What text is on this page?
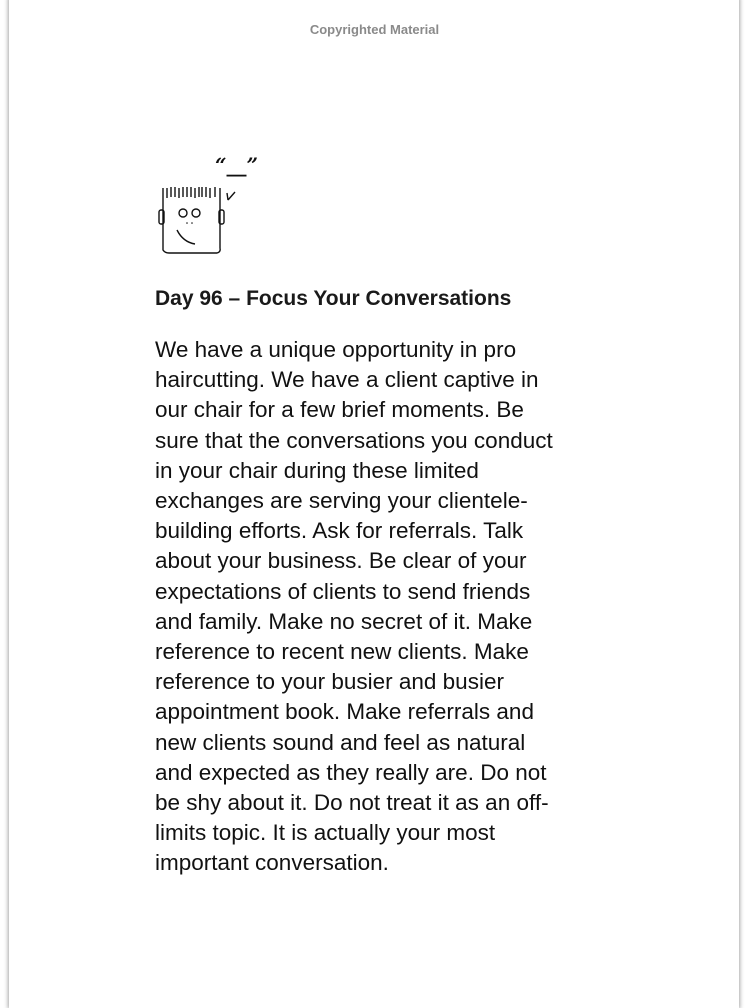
Copyrighted Material
“__”
Day 96 – Focus Your Conversations
We have a unique opportunity in pro
haircutting. We have a client captive in
our chair for a few brief moments. Be
sure that the conversations you conduct
in your chair during these limited
exchanges are serving your clientele-
building efforts. Ask for referrals. Talk
about your business. Be clear of your
expectations of clients to send friends
and family. Make no secret of it. Make
reference to recent new clients. Make
reference to your busier and busier
appointment book. Make referrals and
new clients sound and feel as natural
and expected as they really are. Do not
be shy about it. Do not treat it as an off-
limits topic. It is actually your most
important conversation.
